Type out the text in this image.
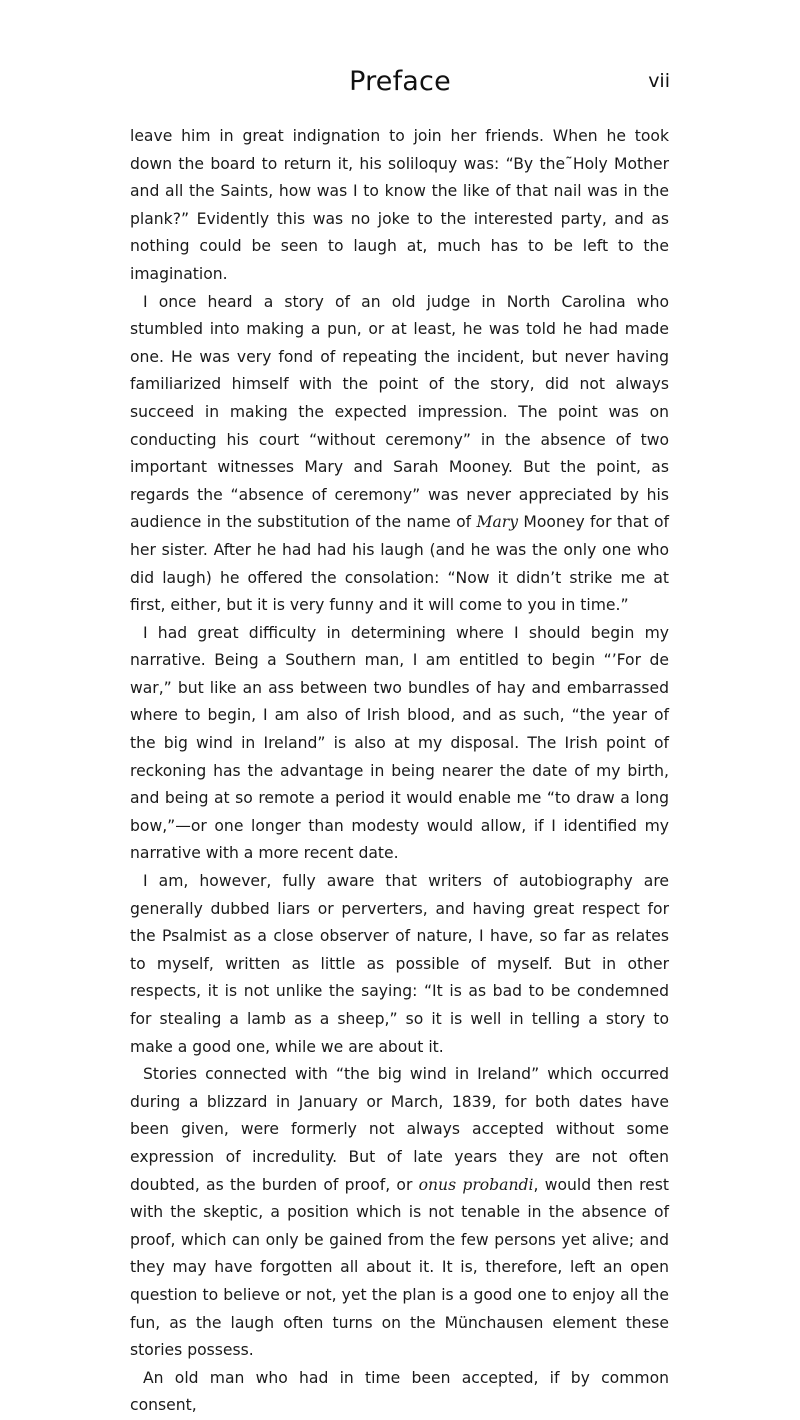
Preface	vii

leave him in great indignation to join her friends. When he took down the board to return it, his soliloquy was: “By the˜Holy Mother and all the Saints, how was I to know the like of that nail was in the plank?” Evidently this was no joke to the interested party, and as nothing could be seen to laugh at, much has to be left to the imagination.

I once heard a story of an old judge in North Carolina who stumbled into making a pun, or at least, he was told he had made one. He was very fond of repeating the incident, but never having familiarized himself with the point of the story, did not always succeed in making the expected impression. The point was on conducting his court “without ceremony” in the absence of two important witnesses Mary and Sarah Mooney. But the point, as regards the “absence of ceremony” was never appreciated by his audience in the substitution of the name of Mary Mooney for that of her sister. After he had had his laugh (and he was the only one who did laugh) he offered the consolation: “Now it didn’t strike me at first, either, but it is very funny and it will come to you in time.”

I had great difficulty in determining where I should begin my narrative. Being a Southern man, I am entitled to begin “’For de war,” but like an ass between two bundles of hay and embarrassed where to begin, I am also of Irish blood, and as such, “the year of the big wind in Ireland” is also at my disposal. The Irish point of reckoning has the advantage in being nearer the date of my birth, and being at so remote a period it would enable me “to draw a long bow,”—or one longer than modesty would allow, if I identified my narrative with a more recent date.

I am, however, fully aware that writers of autobiography are generally dubbed liars or perverters, and having great respect for the Psalmist as a close observer of nature, I have, so far as relates to myself, written as little as possible of myself. But in other respects, it is not unlike the saying: “It is as bad to be condemned for stealing a lamb as a sheep,” so it is well in telling a story to make a good one, while we are about it.

Stories connected with “the big wind in Ireland” which occurred during a blizzard in January or March, 1839, for both dates have been given, were formerly not always accepted without some expression of incredulity. But of late years they are not often doubted, as the burden of proof, or onus probandi, would then rest with the skeptic, a position which is not tenable in the absence of proof, which can only be gained from the few persons yet alive; and they may have forgotten all about it. It is, therefore, left an open question to believe or not, yet the plan is a good one to enjoy all the fun, as the laugh often turns on the Münchausen element these stories possess.

An old man who had in time been accepted, if by common consent,
